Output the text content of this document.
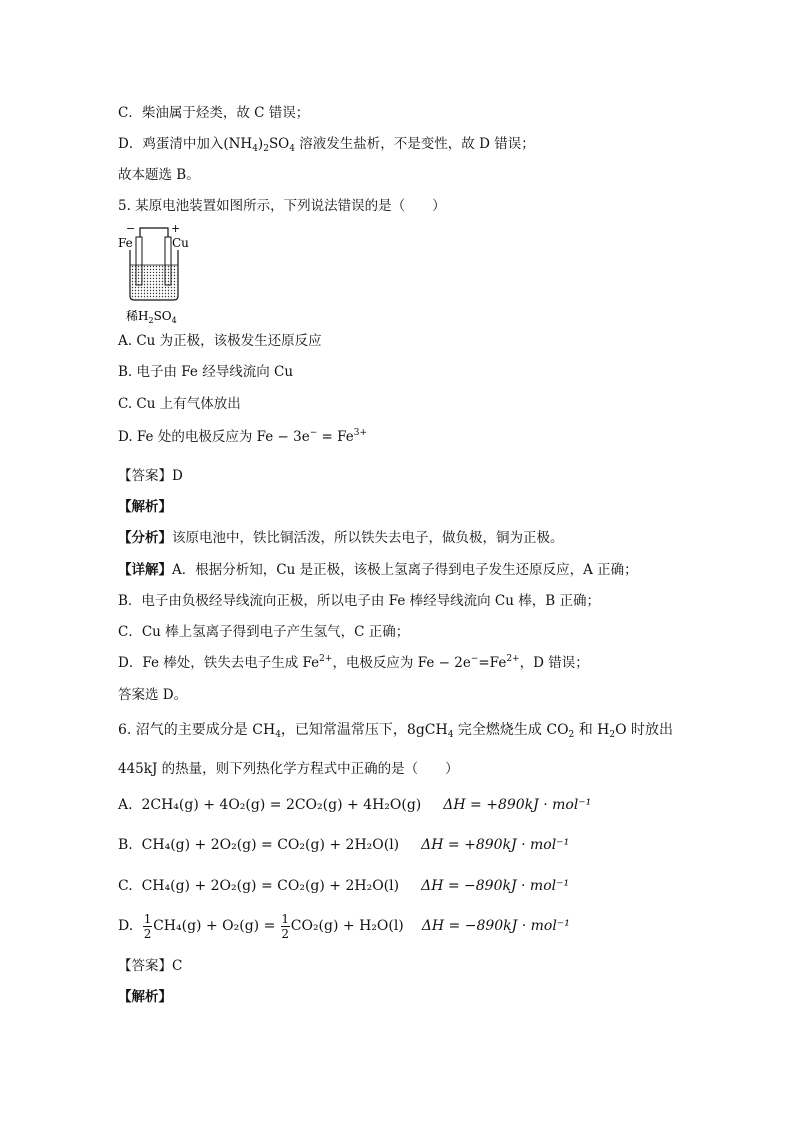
C．柴油属于烃类，故 C 错误；
D．鸡蛋清中加入$(NH_4)_2SO_4$ 溶液发生盐析，不是变性，故 D 错误；
故本题选 B。
5. 某原电池装置如图所示，下列说法错误的是（　　）
−	+
Fe	Cu
稀$H_2SO_4$
A. Cu 为正极，该极发生还原反应
B. 电子由 Fe 经导线流向 Cu
C. Cu 上有气体放出
D. Fe 处的电极反应为 $Fe - 3e^- = Fe^{3+}$
【答案】D
【解析】
【分析】该原电池中，铁比铜活泼，所以铁失去电子，做负极，铜为正极。
【详解】A．根据分析知，Cu 是正极，该极上氢离子得到电子发生还原反应，A 正确；
B．电子由负极经导线流向正极，所以电子由 Fe 棒经导线流向 Cu 棒，B 正确；
C．Cu 棒上氢离子得到电子产生氢气，C 正确；
D．Fe 棒处，铁失去电子生成 $Fe^{2+}$，电极反应为 $Fe - 2e^-=Fe^{2+}$，D 错误；
答案选 D。
6. 沼气的主要成分是 $CH_4$，已知常温常压下，8gCH$_4$ 完全燃烧生成 $CO_2$ 和 $H_2O$ 时放出
445kJ 的热量，则下列热化学方程式中正确的是（　　）
A. 2CH₄(g) + 4O₂(g) = 2CO₂(g) + 4H₂O(g) ΔH = +890kJ · mol⁻¹
B. CH₄(g) + 2O₂(g) = CO₂(g) + 2H₂O(l) ΔH = +890kJ · mol⁻¹
C. CH₄(g) + 2O₂(g) = CO₂(g) + 2H₂O(l) ΔH = −890kJ · mol⁻¹
D. $\frac{1}{2} CH_4(g) + O_2(g) = \frac{1}{2} CO_2(g) + H_2O(l) \Delta H = -890kJ \cdot mol^{-1}$
【答案】C
【解析】
